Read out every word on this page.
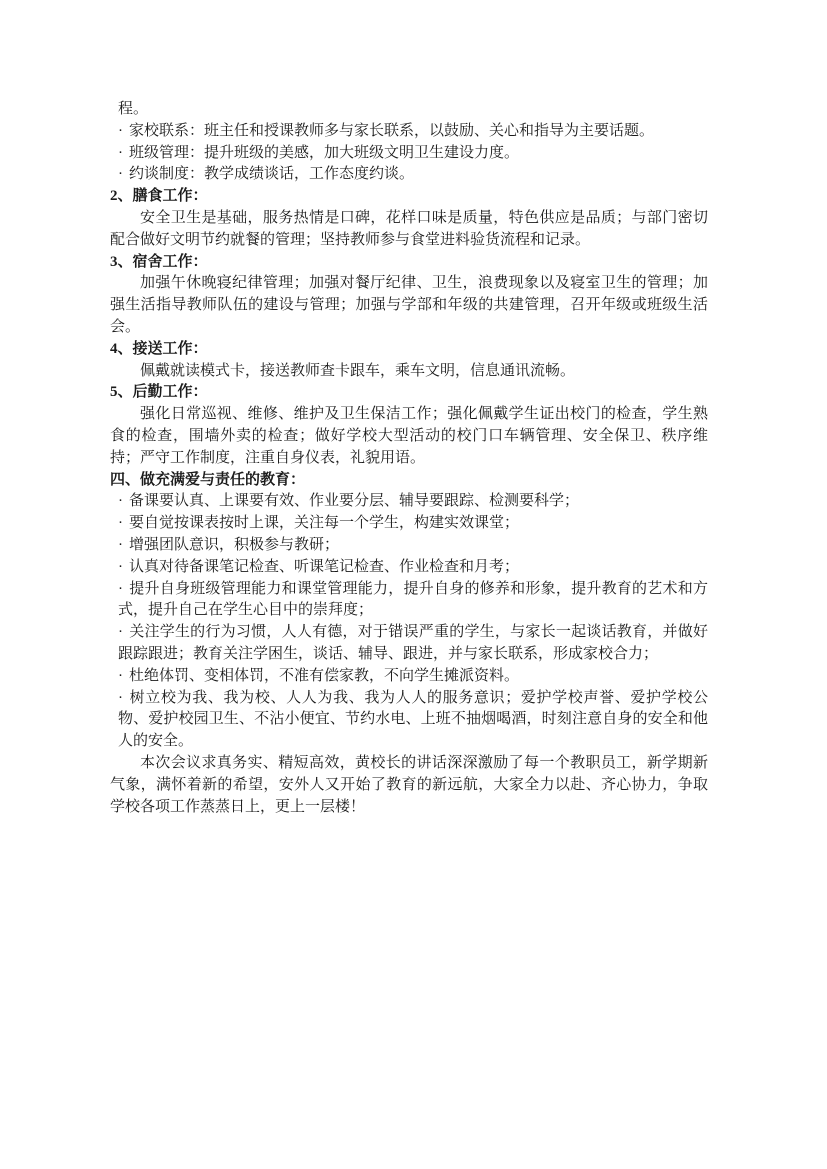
程。

· 家校联系：班主任和授课教师多与家长联系，以鼓励、关心和指导为主要话题。

· 班级管理：提升班级的美感，加大班级文明卫生建设力度。

· 约谈制度：教学成绩谈话，工作态度约谈。

2、膳食工作：

安全卫生是基础，服务热情是口碑，花样口味是质量，特色供应是品质；与部门密切配合做好文明节约就餐的管理；坚持教师参与食堂进料验货流程和记录。

3、宿舍工作：

加强午休晚寝纪律管理；加强对餐厅纪律、卫生，浪费现象以及寝室卫生的管理；加强生活指导教师队伍的建设与管理；加强与学部和年级的共建管理，召开年级或班级生活会。

4、接送工作：

佩戴就读模式卡，接送教师查卡跟车，乘车文明，信息通讯流畅。

5、后勤工作：

强化日常巡视、维修、维护及卫生保洁工作；强化佩戴学生证出校门的检查，学生熟食的检查，围墙外卖的检查；做好学校大型活动的校门口车辆管理、安全保卫、秩序维持；严守工作制度，注重自身仪表，礼貌用语。

四、做充满爱与责任的教育：

· 备课要认真、上课要有效、作业要分层、辅导要跟踪、检测要科学；

· 要自觉按课表按时上课，关注每一个学生，构建实效课堂；

· 增强团队意识，积极参与教研；

· 认真对待备课笔记检查、听课笔记检查、作业检查和月考；

· 提升自身班级管理能力和课堂管理能力，提升自身的修养和形象，提升教育的艺术和方式，提升自己在学生心目中的崇拜度；

· 关注学生的行为习惯，人人有德，对于错误严重的学生，与家长一起谈话教育，并做好跟踪跟进；教育关注学困生，谈话、辅导、跟进，并与家长联系，形成家校合力；

· 杜绝体罚、变相体罚，不准有偿家教，不向学生摊派资料。

· 树立校为我、我为校、人人为我、我为人人的服务意识；爱护学校声誉、爱护学校公物、爱护校园卫生、不沾小便宜、节约水电、上班不抽烟喝酒，时刻注意自身的安全和他人的安全。

本次会议求真务实、精短高效，黄校长的讲话深深激励了每一个教职员工，新学期新气象，满怀着新的希望，安外人又开始了教育的新远航，大家全力以赴、齐心协力，争取学校各项工作蒸蒸日上，更上一层楼！
